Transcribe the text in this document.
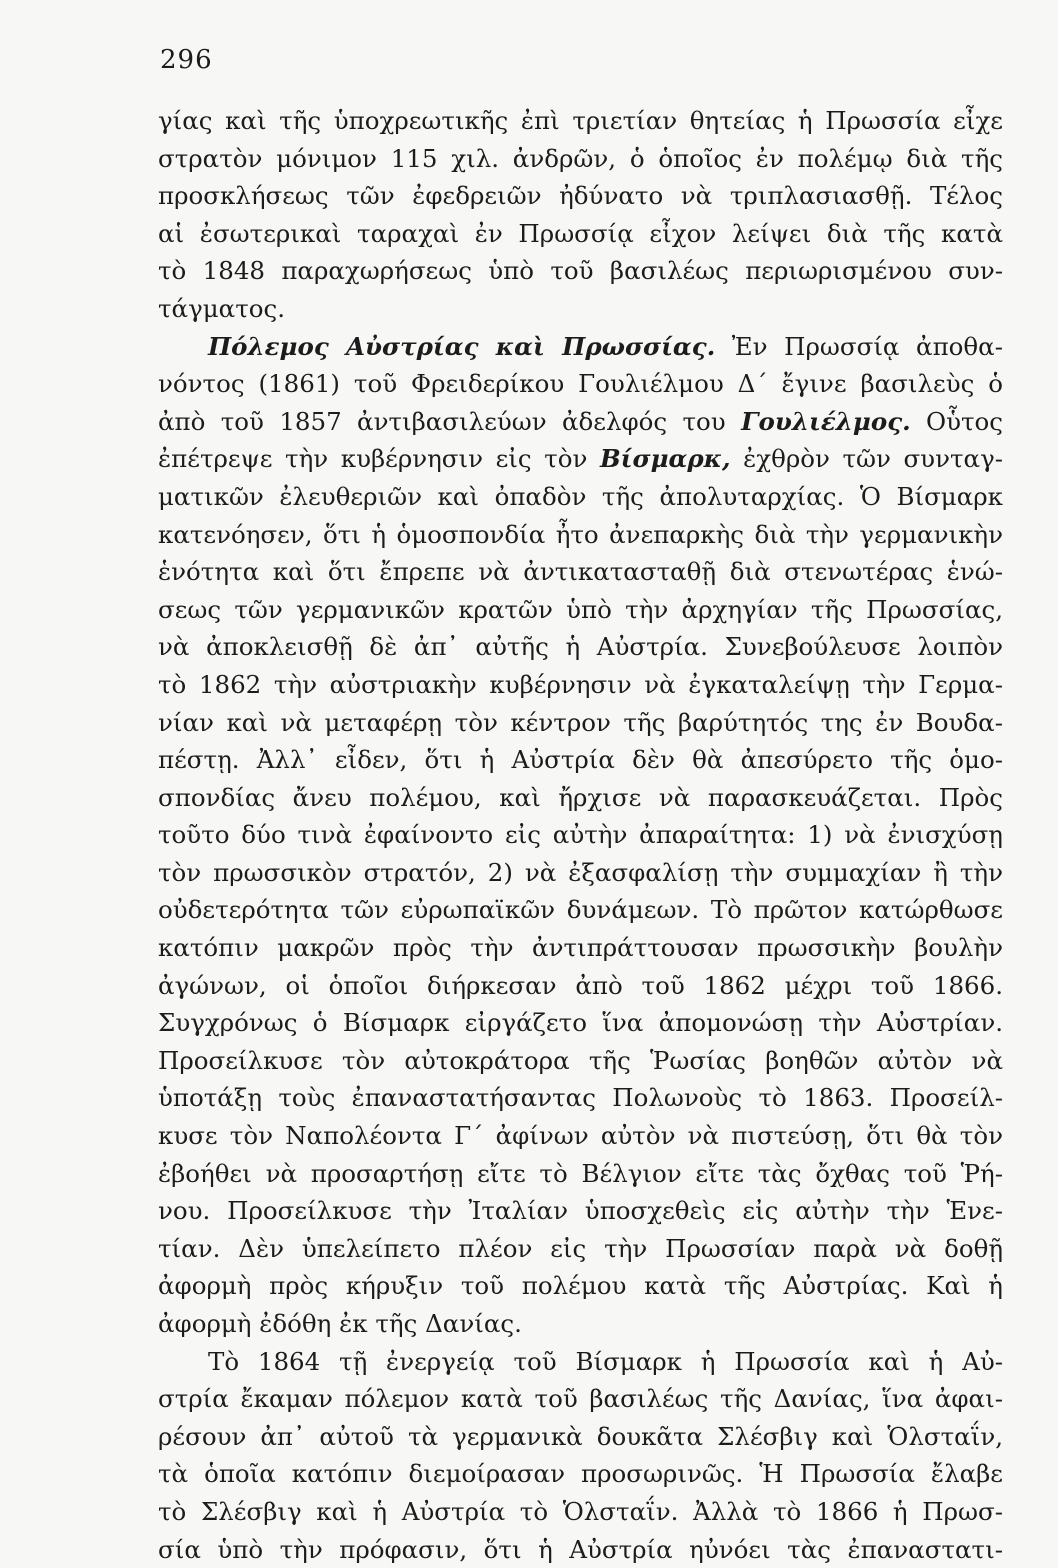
296
γίας καὶ τῆς ὑποχρεωτικῆς ἐπὶ τριετίαν θητείας ἡ Πρωσσία εἶχε
στρατὸν μόνιμον 115 χιλ. ἀνδρῶν, ὁ ὁποῖος ἐν πολέμῳ διὰ τῆς
προσκλήσεως τῶν ἐφεδρειῶν ἠδύνατο νὰ τριπλασιασθῇ. Τέλος
αἱ ἐσωτερικαὶ ταραχαὶ ἐν Πρωσσίᾳ εἶχον λείψει διὰ τῆς κατὰ
τὸ 1848 παραχωρήσεως ὑπὸ τοῦ βασιλέως περιωρισμένου συν-
τάγματος.
Πόλεμος Αὐστρίας καὶ Πρωσσίας. Ἐν Πρωσσίᾳ ἀποθα-
νόντος (1861) τοῦ Φρειδερίκου Γουλιέλμου Δ΄ ἔγινε βασιλεὺς ὁ
ἀπὸ τοῦ 1857 ἀντιβασιλεύων ἀδελφός του Γουλιέλμος. Οὗτος
ἐπέτρεψε τὴν κυβέρνησιν εἰς τὸν Βίσμαρκ, ἐχθρὸν τῶν συνταγ-
ματικῶν ἐλευθεριῶν καὶ ὀπαδὸν τῆς ἀπολυταρχίας. Ὁ Βίσμαρκ
κατενόησεν, ὅτι ἡ ὁμοσπονδία ἦτο ἀνεπαρκὴς διὰ τὴν γερμανικὴν
ἑνότητα καὶ ὅτι ἔπρεπε νὰ ἀντικατασταθῇ διὰ στενωτέρας ἑνώ-
σεως τῶν γερμανικῶν κρατῶν ὑπὸ τὴν ἀρχηγίαν τῆς Πρωσσίας,
νὰ ἀποκλεισθῇ δὲ ἀπ᾽ αὐτῆς ἡ Αὐστρία. Συνεβούλευσε λοιπὸν
τὸ 1862 τὴν αὐστριακὴν κυβέρνησιν νὰ ἐγκαταλείψῃ τὴν Γερμα-
νίαν καὶ νὰ μεταφέρῃ τὸν κέντρον τῆς βαρύτητός της ἐν Βουδα-
πέστῃ. Ἀλλ᾽ εἶδεν, ὅτι ἡ Αὐστρία δὲν θὰ ἀπεσύρετο τῆς ὁμο-
σπονδίας ἄνευ πολέμου, καὶ ἤρχισε νὰ παρασκευάζεται. Πρὸς
τοῦτο δύο τινὰ ἐφαίνοντο εἰς αὐτὴν ἀπαραίτητα: 1) νὰ ἐνισχύσῃ
τὸν πρωσσικὸν στρατόν, 2) νὰ ἐξασφαλίσῃ τὴν συμμαχίαν ἢ τὴν
οὐδετερότητα τῶν εὐρωπαϊκῶν δυνάμεων. Τὸ πρῶτον κατώρθωσε
κατόπιν μακρῶν πρὸς τὴν ἀντιπράττουσαν πρωσσικὴν βουλὴν
ἀγώνων, οἱ ὁποῖοι διήρκεσαν ἀπὸ τοῦ 1862 μέχρι τοῦ 1866.
Συγχρόνως ὁ Βίσμαρκ εἰργάζετο ἵνα ἀπομονώσῃ τὴν Αὐστρίαν.
Προσείλκυσε τὸν αὐτοκράτορα τῆς Ῥωσίας βοηθῶν αὐτὸν νὰ
ὑποτάξῃ τοὺς ἐπαναστατήσαντας Πολωνοὺς τὸ 1863. Προσείλ-
κυσε τὸν Ναπολέοντα Γ΄ ἀφίνων αὐτὸν νὰ πιστεύσῃ, ὅτι θὰ τὸν
ἐβοήθει νὰ προσαρτήσῃ εἴτε τὸ Βέλγιον εἴτε τὰς ὄχθας τοῦ Ῥή-
νου. Προσείλκυσε τὴν Ἰταλίαν ὑποσχεθεὶς εἰς αὐτὴν τὴν Ἑνε-
τίαν. Δὲν ὑπελείπετο πλέον εἰς τὴν Πρωσσίαν παρὰ νὰ δοθῇ
ἀφορμὴ πρὸς κήρυξιν τοῦ πολέμου κατὰ τῆς Αὐστρίας. Καὶ ἡ
ἀφορμὴ ἐδόθη ἐκ τῆς Δανίας.
Τὸ 1864 τῇ ἐνεργείᾳ τοῦ Βίσμαρκ ἡ Πρωσσία καὶ ἡ Αὐ-
στρία ἔκαμαν πόλεμον κατὰ τοῦ βασιλέως τῆς Δανίας, ἵνα ἀφαι-
ρέσουν ἀπ᾽ αὐτοῦ τὰ γερμανικὰ δουκᾶτα Σλέσβιγ καὶ Ὁλσταΐν,
τὰ ὁποῖα κατόπιν διεμοίρασαν προσωρινῶς. Ἡ Πρωσσία ἔλαβε
τὸ Σλέσβιγ καὶ ἡ Αὐστρία τὸ Ὁλσταΐν. Ἀλλὰ τὸ 1866 ἡ Πρωσ-
σία ὑπὸ τὴν πρόφασιν, ὅτι ἡ Αὐστρία ηὐνόει τὰς ἐπαναστατι-
